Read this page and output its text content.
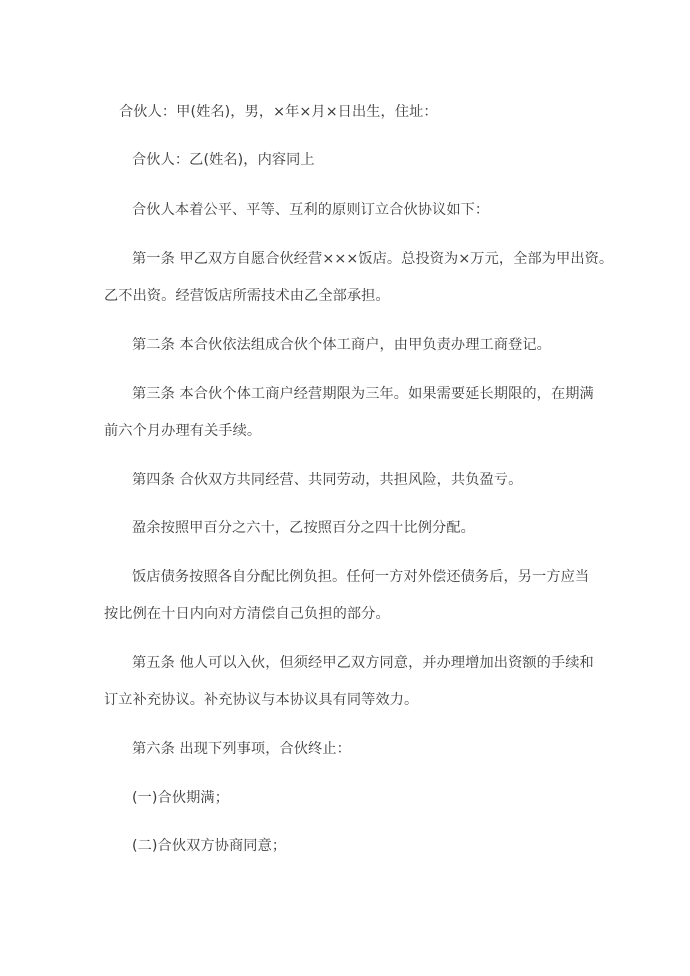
合伙人：甲(姓名)，男，×年×月×日出生，住址：
合伙人：乙(姓名)，内容同上
合伙人本着公平、平等、互利的原则订立合伙协议如下：
第一条 甲乙双方自愿合伙经营×××饭店。总投资为×万元，全部为甲出资。
乙不出资。经营饭店所需技术由乙全部承担。
第二条 本合伙依法组成合伙个体工商户，由甲负责办理工商登记。
第三条 本合伙个体工商户经营期限为三年。如果需要延长期限的，在期满
前六个月办理有关手续。
第四条 合伙双方共同经营、共同劳动，共担风险，共负盈亏。
盈余按照甲百分之六十，乙按照百分之四十比例分配。
饭店债务按照各自分配比例负担。任何一方对外偿还债务后，另一方应当
按比例在十日内向对方清偿自己负担的部分。
第五条 他人可以入伙，但须经甲乙双方同意，并办理增加出资额的手续和
订立补充协议。补充协议与本协议具有同等效力。
第六条 出现下列事项，合伙终止：
(一)合伙期满；
(二)合伙双方协商同意；
